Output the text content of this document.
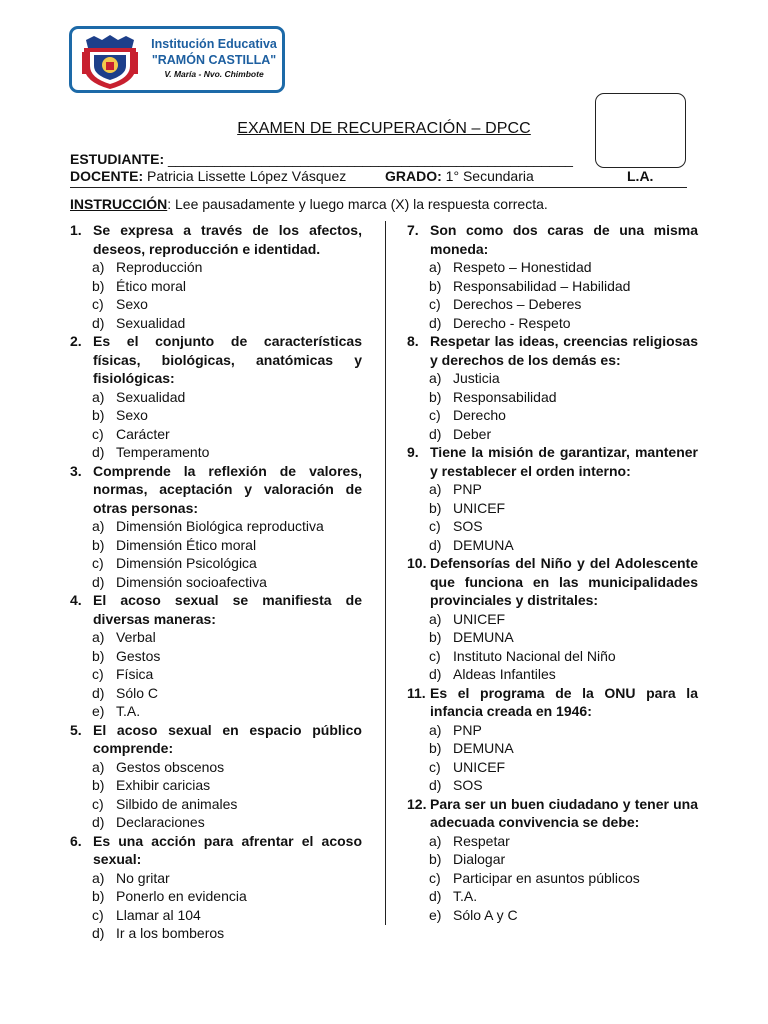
Institución Educativa
"RAMÓN CASTILLA"
V. María - Nvo. Chimbote
EXAMEN DE RECUPERACIÓN – DPCC
ESTUDIANTE: ____________________________________________________
DOCENTE: Patricia Lissette López Vásquez	GRADO: 1° Secundaria	L.A.
INSTRUCCIÓN: Lee pausadamente y luego marca (X) la respuesta correcta.
1. Se expresa a través de los afectos, deseos, reproducción e identidad.
a) Reproducción
b) Ético moral
c) Sexo
d) Sexualidad
2. Es el conjunto de características físicas, biológicas, anatómicas y fisiológicas:
a) Sexualidad
b) Sexo
c) Carácter
d) Temperamento
3. Comprende la reflexión de valores, normas, aceptación y valoración de otras personas:
a) Dimensión Biológica reproductiva
b) Dimensión Ético moral
c) Dimensión Psicológica
d) Dimensión socioafectiva
4. El acoso sexual se manifiesta de diversas maneras:
a) Verbal
b) Gestos
c) Física
d) Sólo C
e) T.A.
5. El acoso sexual en espacio público comprende:
a) Gestos obscenos
b) Exhibir caricias
c) Silbido de animales
d) Declaraciones
6. Es una acción para afrentar el acoso sexual:
a) No gritar
b) Ponerlo en evidencia
c) Llamar al 104
d) Ir a los bomberos
7. Son como dos caras de una misma moneda:
a) Respeto – Honestidad
b) Responsabilidad – Habilidad
c) Derechos – Deberes
d) Derecho - Respeto
8. Respetar las ideas, creencias religiosas y derechos de los demás es:
a) Justicia
b) Responsabilidad
c) Derecho
d) Deber
9. Tiene la misión de garantizar, mantener y restablecer el orden interno:
a) PNP
b) UNICEF
c) SOS
d) DEMUNA
10. Defensorías del Niño y del Adolescente que funciona en las municipalidades provinciales y distritales:
a) UNICEF
b) DEMUNA
c) Instituto Nacional del Niño
d) Aldeas Infantiles
11. Es el programa de la ONU para la infancia creada en 1946:
a) PNP
b) DEMUNA
c) UNICEF
d) SOS
12. Para ser un buen ciudadano y tener una adecuada convivencia se debe:
a) Respetar
b) Dialogar
c) Participar en asuntos públicos
d) T.A.
e) Sólo A y C
